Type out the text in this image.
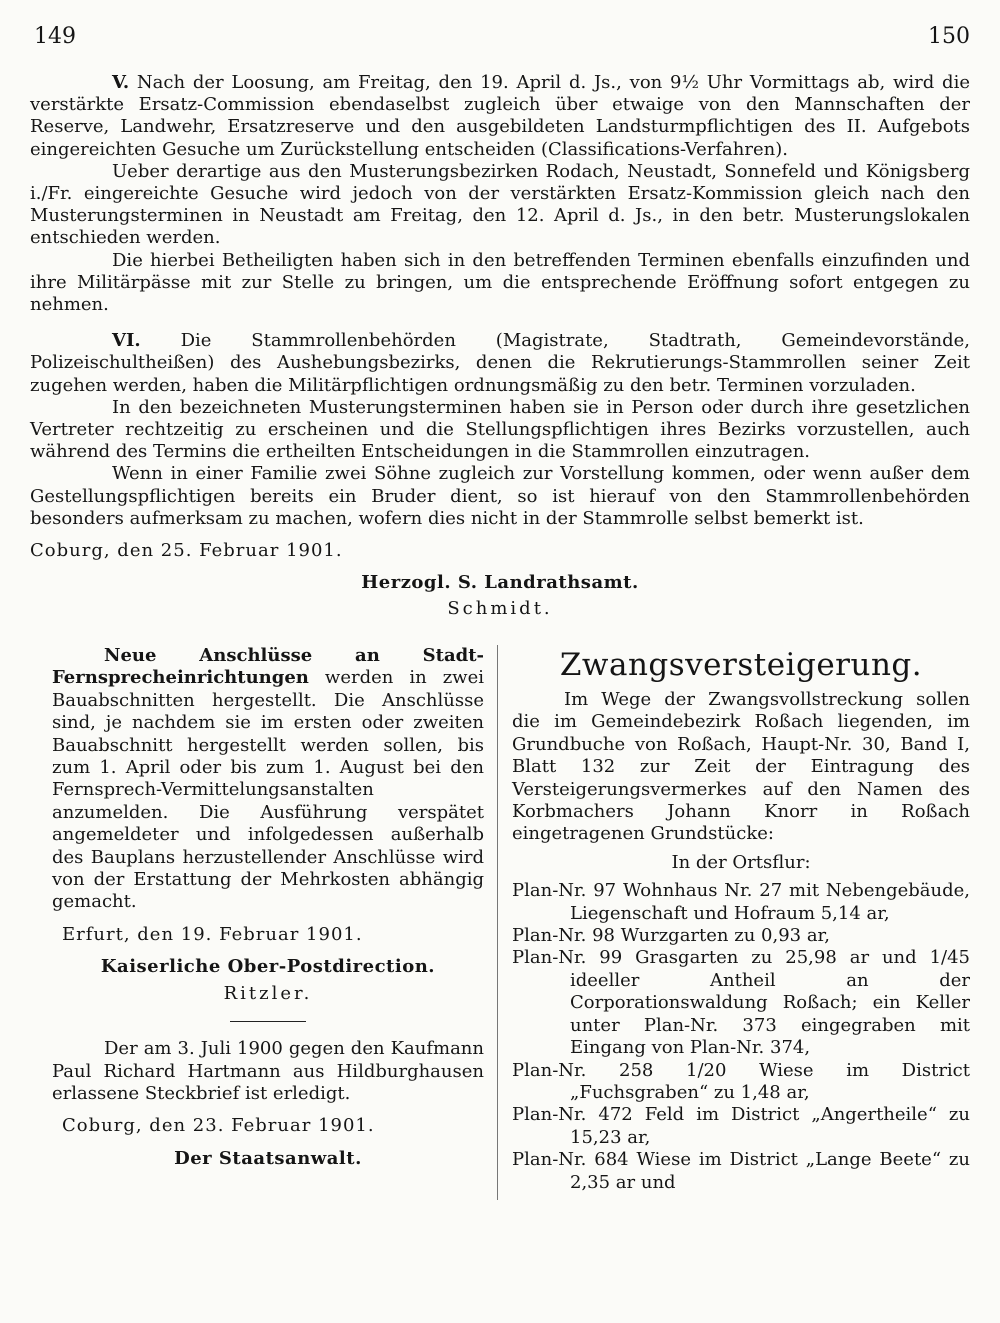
149	150

V. Nach der Loosung, am Freitag, den 19. April d. Js., von 9½ Uhr Vormittags ab, wird die verstärkte Ersatz-Commission ebendaselbst zugleich über etwaige von den Mannschaften der Reserve, Landwehr, Ersatzreserve und den ausgebildeten Landsturmpflichtigen des II. Aufgebots eingereichten Gesuche um Zurückstellung entscheiden (Classifications-Verfahren).

Ueber derartige aus den Musterungsbezirken Rodach, Neustadt, Sonnefeld und Königsberg i./Fr. eingereichte Gesuche wird jedoch von der verstärkten Ersatz-Kommission gleich nach den Musterungsterminen in Neustadt am Freitag, den 12. April d. Js., in den betr. Musterungslokalen entschieden werden.

Die hierbei Betheiligten haben sich in den betreffenden Terminen ebenfalls einzufinden und ihre Militärpässe mit zur Stelle zu bringen, um die entsprechende Eröffnung sofort entgegen zu nehmen.

VI. Die Stammrollenbehörden (Magistrate, Stadtrath, Gemeindevorstände, Polizeischultheißen) des Aushebungsbezirks, denen die Rekrutierungs-Stammrollen seiner Zeit zugehen werden, haben die Militärpflichtigen ordnungsmäßig zu den betr. Terminen vorzuladen.

In den bezeichneten Musterungsterminen haben sie in Person oder durch ihre gesetzlichen Vertreter rechtzeitig zu erscheinen und die Stellungspflichtigen ihres Bezirks vorzustellen, auch während des Termins die ertheilten Entscheidungen in die Stammrollen einzutragen.

Wenn in einer Familie zwei Söhne zugleich zur Vorstellung kommen, oder wenn außer dem Gestellungspflichtigen bereits ein Bruder dient, so ist hierauf von den Stammrollenbehörden besonders aufmerksam zu machen, wofern dies nicht in der Stammrolle selbst bemerkt ist.

Coburg, den 25. Februar 1901.

Herzogl. S. Landrathsamt.

Schmidt.

Neue Anschlüsse an Stadt-Fernsprecheinrichtungen werden in zwei Bauabschnitten hergestellt. Die Anschlüsse sind, je nachdem sie im ersten oder zweiten Bauabschnitt hergestellt werden sollen, bis zum 1. April oder bis zum 1. August bei den Fernsprech-Vermittelungsanstalten anzumelden. Die Ausführung verspätet angemeldeter und infolgedessen außerhalb des Bauplans herzustellender Anschlüsse wird von der Erstattung der Mehrkosten abhängig gemacht.

Erfurt, den 19. Februar 1901.

Kaiserliche Ober-Postdirection.

Ritzler.

Der am 3. Juli 1900 gegen den Kaufmann Paul Richard Hartmann aus Hildburghausen erlassene Steckbrief ist erledigt.

Coburg, den 23. Februar 1901.

Der Staatsanwalt.

Zwangsversteigerung.

Im Wege der Zwangsvollstreckung sollen die im Gemeindebezirk Roßach liegenden, im Grundbuche von Roßach, Haupt-Nr. 30, Band I, Blatt 132 zur Zeit der Eintragung des Versteigerungsvermerkes auf den Namen des Korbmachers Johann Knorr in Roßach eingetragenen Grundstücke:

In der Ortsflur:

Plan-Nr. 97 Wohnhaus Nr. 27 mit Nebengebäude, Liegenschaft und Hofraum 5,14 ar,

Plan-Nr. 98 Wurzgarten zu 0,93 ar,

Plan-Nr. 99 Grasgarten zu 25,98 ar und 1/45 ideeller Antheil an der Corporationswaldung Roßach; ein Keller unter Plan-Nr. 373 eingegraben mit Eingang von Plan-Nr. 374,

Plan-Nr. 258 1/20 Wiese im District „Fuchsgraben“ zu 1,48 ar,

Plan-Nr. 472 Feld im District „Angertheile“ zu 15,23 ar,

Plan-Nr. 684 Wiese im District „Lange Beete“ zu 2,35 ar und
